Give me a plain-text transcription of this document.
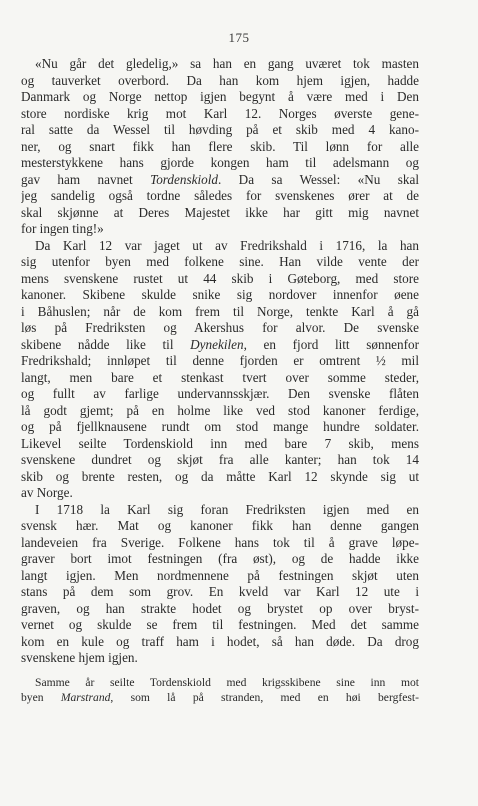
175
«Nu går det gledelig,» sa han en gang uværet tok masten
og tauverket overbord. Da han kom hjem igjen, hadde
Danmark og Norge nettop igjen begynt å være med i Den
store nordiske krig mot Karl 12. Norges øverste gene-
ral satte da Wessel til høvding på et skib med 4 kano-
ner, og snart fikk han flere skib. Til lønn for alle
mesterstykkene hans gjorde kongen ham til adelsmann og
gav ham navnet Tordenskiold. Da sa Wessel: «Nu skal
jeg sandelig også tordne således for svenskenes ører at de
skal skjønne at Deres Majestet ikke har gitt mig navnet
for ingen ting!»
Da Karl 12 var jaget ut av Fredrikshald i 1716, la han
sig utenfor byen med folkene sine. Han vilde vente der
mens svenskene rustet ut 44 skib i Gøteborg, med store
kanoner. Skibene skulde snike sig nordover innenfor øene
i Båhuslen; når de kom frem til Norge, tenkte Karl å gå
løs på Fredriksten og Akershus for alvor. De svenske
skibene nådde like til Dynekilen, en fjord litt sønnenfor
Fredrikshald; innløpet til denne fjorden er omtrent ½ mil
langt, men bare et stenkast tvert over somme steder,
og fullt av farlige undervannsskjær. Den svenske flåten
lå godt gjemt; på en holme like ved stod kanoner ferdige,
og på fjellknausene rundt om stod mange hundre soldater.
Likevel seilte Tordenskiold inn med bare 7 skib, mens
svenskene dundret og skjøt fra alle kanter; han tok 14
skib og brente resten, og da måtte Karl 12 skynde sig ut
av Norge.
I 1718 la Karl sig foran Fredriksten igjen med en
svensk hær. Mat og kanoner fikk han denne gangen
landeveien fra Sverige. Folkene hans tok til å grave løpe-
graver bort imot festningen (fra øst), og de hadde ikke
langt igjen. Men nordmennene på festningen skjøt uten
stans på dem som grov. En kveld var Karl 12 ute i
graven, og han strakte hodet og brystet op over bryst-
vernet og skulde se frem til festningen. Med det samme
kom en kule og traff ham i hodet, så han døde. Da drog
svenskene hjem igjen.
Samme år seilte Tordenskiold med krigsskibene sine inn mot
byen Marstrand, som lå på stranden, med en høi bergfest-
